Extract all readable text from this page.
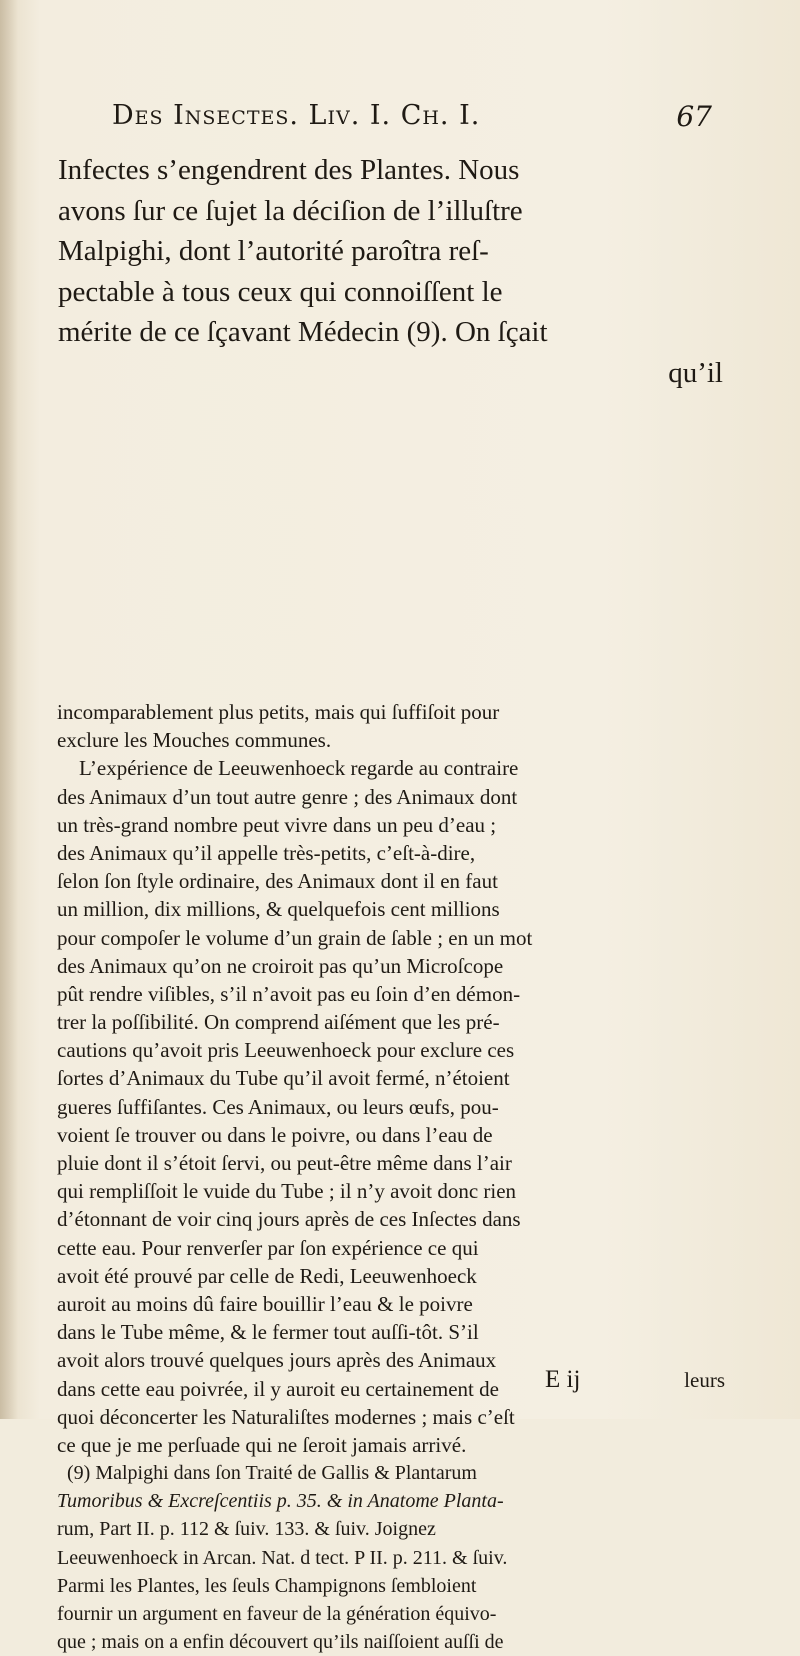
Des Insectes. Liv. I. Ch. I.	67
Infectes s’engendrent des Plantes. Nous
avons ſur ce ſujet la déciſion de l’illuſtre
Malpighi, dont l’autorité paroîtra reſ-
pectable à tous ceux qui connoiſſent le
mérite de ce ſçavant Médecin (9). On ſçait
qu’il
incomparablement plus petits, mais qui ſuffiſoit pour
exclure les Mouches communes.
L’expérience de Leeuwenhoeck regarde au contraire
des Animaux d’un tout autre genre ; des Animaux dont
un très-grand nombre peut vivre dans un peu d’eau ;
des Animaux qu’il appelle très-petits, c’eſt-à-dire,
ſelon ſon ſtyle ordinaire, des Animaux dont il en faut
un million, dix millions, & quelquefois cent millions
pour compoſer le volume d’un grain de ſable ; en un mot
des Animaux qu’on ne croiroit pas qu’un Microſcope
pût rendre viſibles, s’il n’avoit pas eu ſoin d’en démon-
trer la poſſibilité. On comprend aiſément que les pré-
cautions qu’avoit pris Leeuwenhoeck pour exclure ces
ſortes d’Animaux du Tube qu’il avoit fermé, n’étoient
gueres ſuffiſantes. Ces Animaux, ou leurs œufs, pou-
voient ſe trouver ou dans le poivre, ou dans l’eau de
pluie dont il s’étoit ſervi, ou peut-être même dans l’air
qui rempliſſoit le vuide du Tube ; il n’y avoit donc rien
d’étonnant de voir cinq jours après de ces Inſectes dans
cette eau. Pour renverſer par ſon expérience ce qui
avoit été prouvé par celle de Redi, Leeuwenhoeck
auroit au moins dû faire bouillir l’eau & le poivre
dans le Tube même, & le fermer tout auſſi-tôt. S’il
avoit alors trouvé quelques jours après des Animaux
dans cette eau poivrée, il y auroit eu certainement de
quoi déconcerter les Naturaliſtes modernes ; mais c’eſt
ce que je me perſuade qui ne ſeroit jamais arrivé.
(9) Malpighi dans ſon Traité de Gallis & Plantarum
Tumoribus & Excreſcentiis p. 35. & in Anatome Planta-
rum, Part II. p. 112 & ſuiv. 133. & ſuiv. Joignez
Leeuwenhoeck in Arcan. Nat. d tect. P II. p. 211. & ſuiv.
Parmi les Plantes, les ſeuls Champignons ſembloient
fournir un argument en faveur de la génération équivo-
que ; mais on a enfin découvert qu’ils naiſſoient auſſi de
E ij	leurs
